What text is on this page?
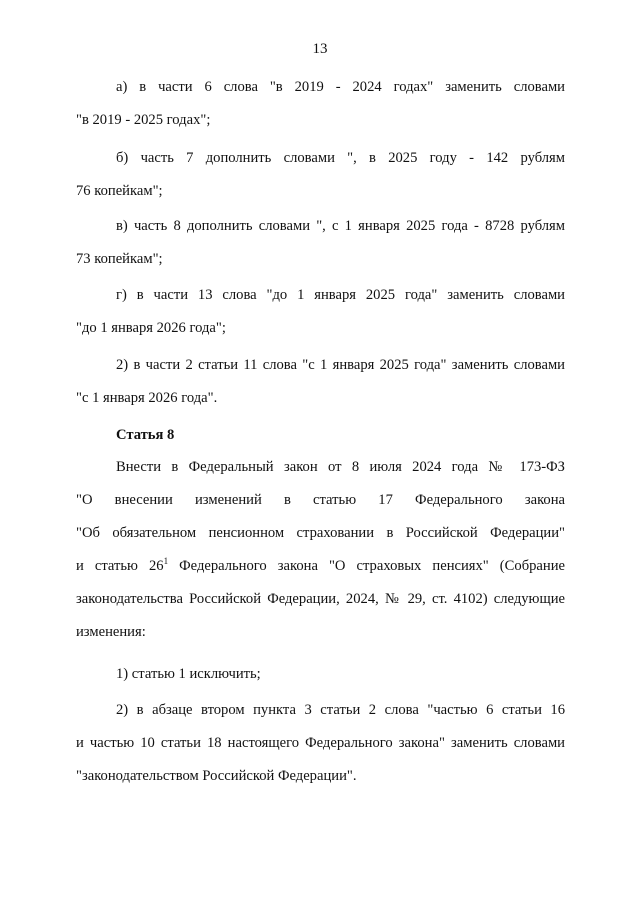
13
а) в части 6 слова "в 2019 - 2024 годах" заменить словами
"в 2019 - 2025 годах";
б) часть 7 дополнить словами ", в 2025 году - 142 рублям
76 копейкам";
в) часть 8 дополнить словами ", с 1 января 2025 года - 8728 рублям
73 копейкам";
г) в части 13 слова "до 1 января 2025 года" заменить словами
"до 1 января 2026 года";
2) в части 2 статьи 11 слова "с 1 января 2025 года" заменить словами
"с 1 января 2026 года".
Статья 8
Внести в Федеральный закон от 8 июля 2024 года № 173-ФЗ
"О внесении изменений в статью 17 Федерального закона
"Об обязательном пенсионном страховании в Российской Федерации"
и статью $26^1$ Федерального закона "О страховых пенсиях" (Собрание
законодательства Российской Федерации, 2024, № 29, ст. 4102) следующие
изменения:
1) статью 1 исключить;
2) в абзаце втором пункта 3 статьи 2 слова "частью 6 статьи 16
и частью 10 статьи 18 настоящего Федерального закона" заменить словами
"законодательством Российской Федерации".
